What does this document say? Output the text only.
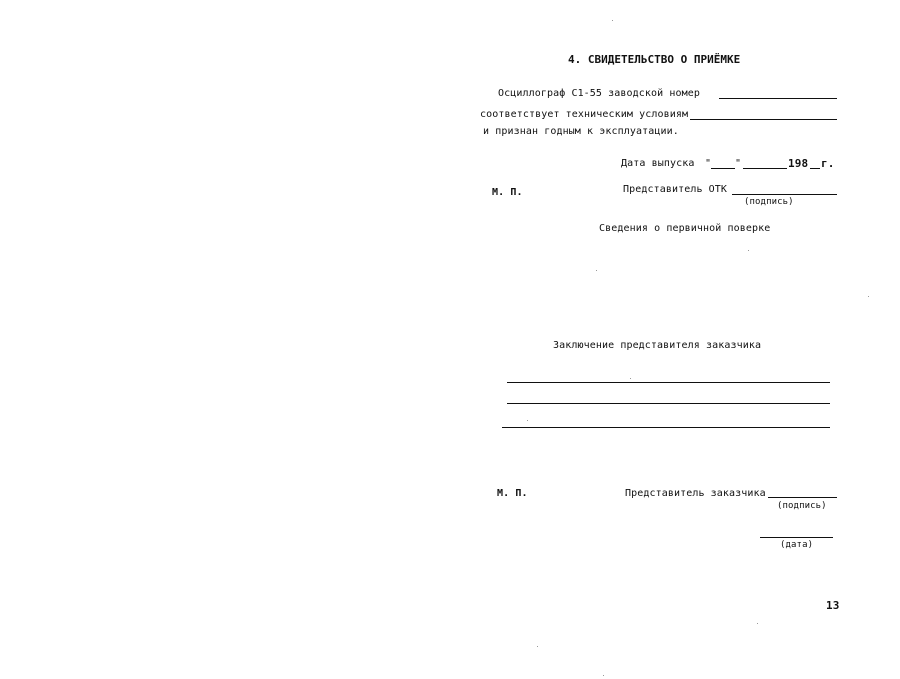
4. СВИДЕТЕЛЬСТВО О ПРИЁМКЕ
Осциллограф С1-55 заводской номер
соответствует техническим условиям
и признан годным к эксплуатации.
Дата выпуска " "	198 г.
М. П.	Представитель ОТК
(подпись)
Сведения о первичной поверке
Заключение представителя заказчика
М. П.	Представитель заказчика
(подпись)
(дата)
13
